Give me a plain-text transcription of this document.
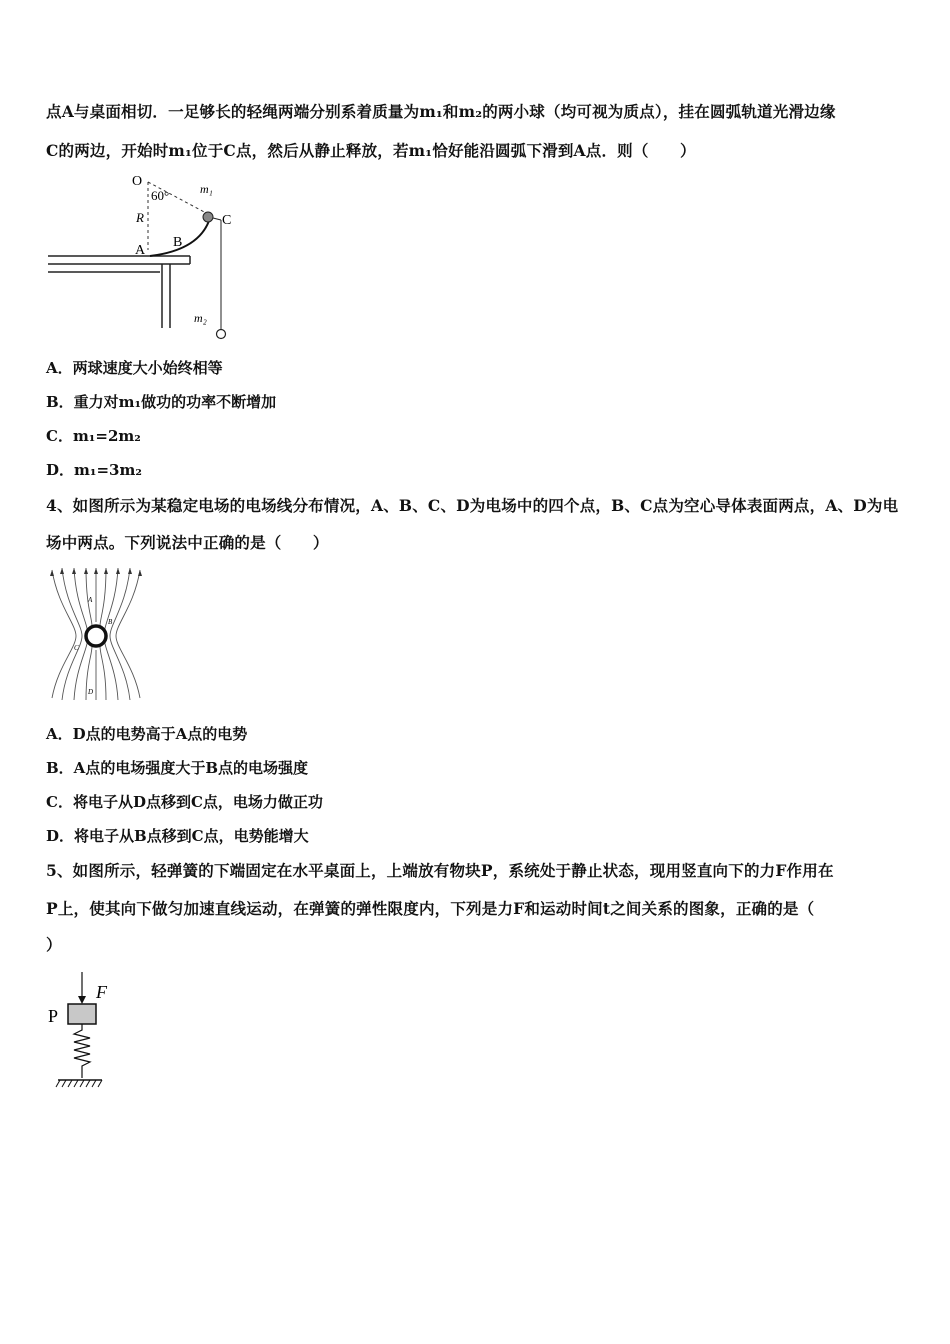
点A与桌面相切．一足够长的轻绳两端分别系着质量为m₁和m₂的两小球（均可视为质点），挂在圆弧轨道光滑边缘
C的两边，开始时m₁位于C点，然后从静止释放，若m₁恰好能沿圆弧下滑到A点．则（　　）
O
60°	m₁
C
R
A
B
m₂
A．两球速度大小始终相等
B．重力对m₁做功的功率不断增加
C．m₁=2m₂
D．m₁=3m₂
4、如图所示为某稳定电场的电场线分布情况，A、B、C、D为电场中的四个点，B、C点为空心导体表面两点，A、D为电
场中两点。下列说法中正确的是（　　）
A
B
C
D
A．D点的电势高于A点的电势
B．A点的电场强度大于B点的电场强度
C．将电子从D点移到C点，电场力做正功
D．将电子从B点移到C点，电势能增大
5、如图所示，轻弹簧的下端固定在水平桌面上，上端放有物块P，系统处于静止状态，现用竖直向下的力F作用在
P上，使其向下做匀加速直线运动，在弹簧的弹性限度内，下列是力F和运动时间t之间关系的图象，正确的是（
）
P
F
